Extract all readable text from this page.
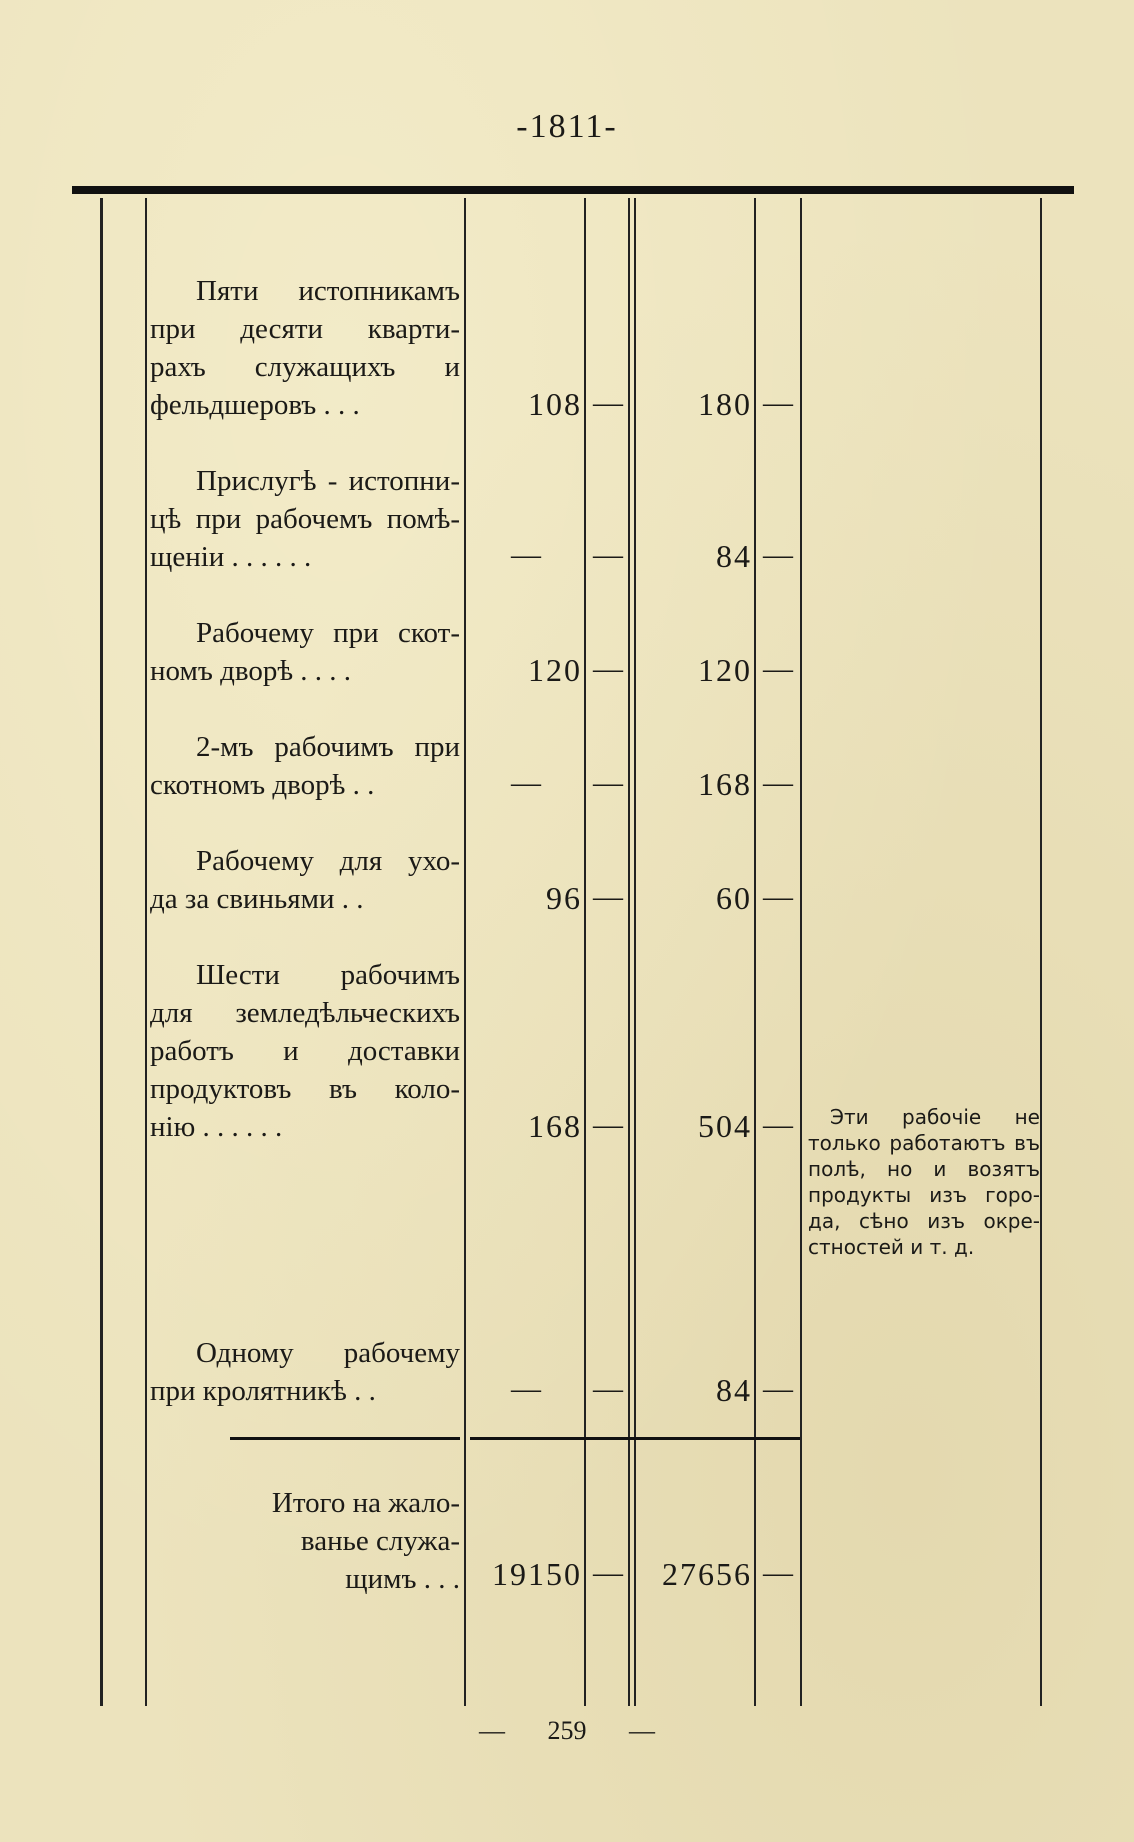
-1811-
Пяти истопникамъ
при десяти кварти-
рахъ служащихъ и
фельдшеровъ . . .	108 —	180 —
Прислугѣ - истопни-
цѣ при рабочемъ помѣ-
щеніи . . . . . .	—	—	84 —
Рабочему при скот-
номъ дворѣ . . . .	120 —	120 —
2-мъ рабочимъ при
скотномъ дворѣ . .	—	—	168 —
Рабочему для ухо-
да за свиньями . .	96 —	60 —
Шести рабочимъ
для земледѣльческихъ
работъ и доставки
продуктовъ въ коло-
нію . . . . . .	168 —	504 —	Эти рабочіе не
только работаютъ въ
полѣ, но и возятъ
продукты изъ горо-
да, сѣно изъ окре-
стностей и т. д.
Одному рабочему
при кролятникѣ . .	—	—	84 —
Итого на жало-
ванье служа-
щимъ . . .	19150 —	27656 —
— 259 —
